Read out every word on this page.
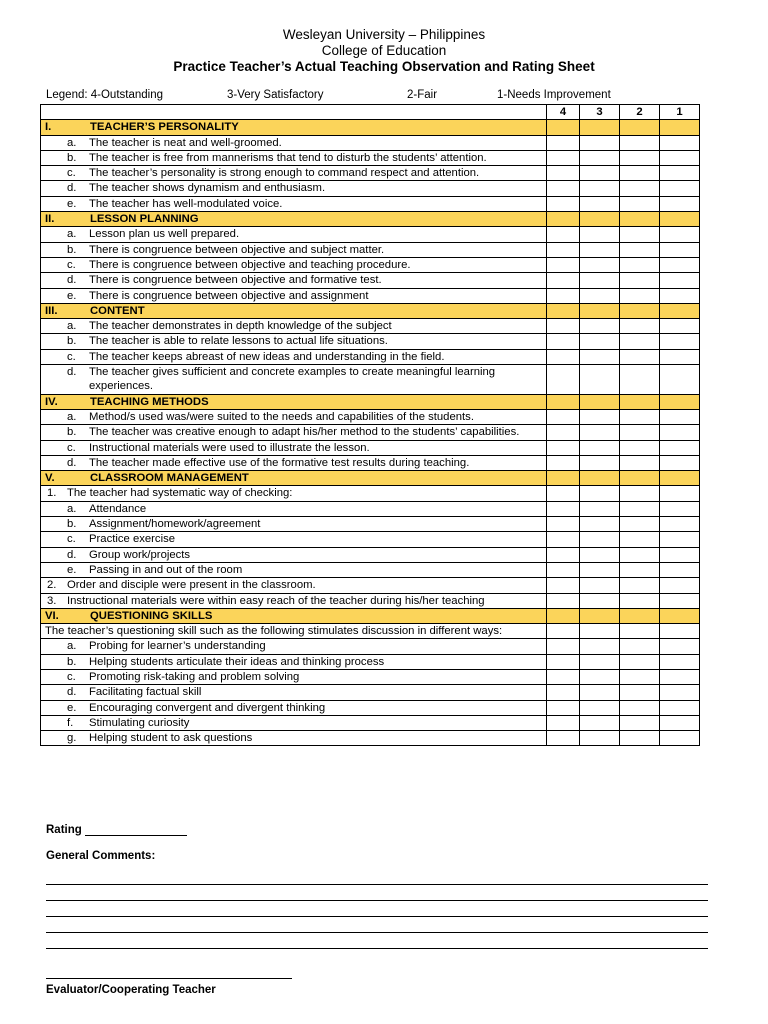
Wesleyan University – Philippines
College of Education
Practice Teacher’s Actual Teaching Observation and Rating Sheet
Legend: 4-Outstanding	3-Very Satisfactory	2-Fair	1-Needs Improvement
	4	3	2	1
I. TEACHER’S PERSONALITY				

a. The teacher is neat and well-groomed.				

b. The teacher is free from mannerisms that tend to disturb the students’ attention.				

c. The teacher’s personality is strong enough to command respect and attention.				

d. The teacher shows dynamism and enthusiasm.				

e. The teacher has well-modulated voice.				

II. LESSON PLANNING				

a. Lesson plan us well prepared.				

b. There is congruence between objective and subject matter.				

c. There is congruence between objective and teaching procedure.				

d. There is congruence between objective and formative test.				

e. There is congruence between objective and assignment				

III. CONTENT				

a. The teacher demonstrates in depth knowledge of the subject				

b. The teacher is able to relate lessons to actual life situations.				

c. The teacher keeps abreast of new ideas and understanding in the field.				

d. The teacher gives sufficient and concrete examples to create meaningful learning experiences.				

IV. TEACHING METHODS				

a. Method/s used was/were suited to the needs and capabilities of the students.				

b. The teacher was creative enough to adapt his/her method to the students’ capabilities.				

c. Instructional materials were used to illustrate the lesson.				

d. The teacher made effective use of the formative test results during teaching.				

V. CLASSROOM MANAGEMENT				

1. The teacher had systematic way of checking:				

a. Attendance				

b. Assignment/homework/agreement				

c. Practice exercise				

d. Group work/projects				

e. Passing in and out of the room				

2. Order and disciple were present in the classroom.				

3. Instructional materials were within easy reach of the teacher during his/her teaching				

VI. QUESTIONING SKILLS				
The teacher’s questioning skill such as the following stimulates discussion in different ways:				

a. Probing for learner’s understanding				

b. Helping students articulate their ideas and thinking process				

c. Promoting risk-taking and problem solving				

d. Facilitating factual skill				

e. Encouraging convergent and divergent thinking				

f. Stimulating curiosity				

g. Helping student to ask questions				

Rating
General Comments:
Evaluator/Cooperating Teacher
